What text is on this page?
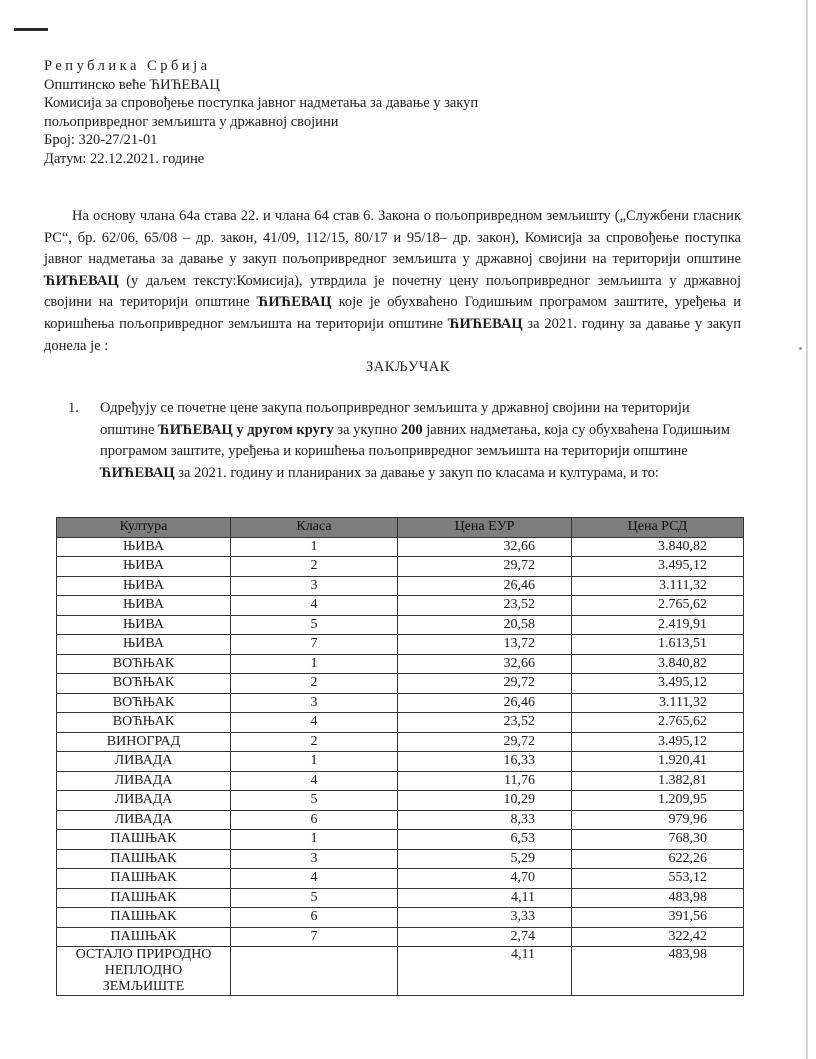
Република Србија
Општинско веће ЋИЋЕВАЦ
Комисија за спровођење поступка јавног надметања за давање у закуп
пољопривредног земљишта у државној својини
Број: 320-27/21-01
Датум: 22.12.2021. године
На основу члана 64а става 22. и члана 64 став 6. Закона о пољопривредном земљишту („Службени гласник РС“, бр. 62/06, 65/08 – др. закон, 41/09, 112/15, 80/17 и 95/18– др. закон), Комисија за спровођење поступка јавног надметања за давање у закуп пољопривредног земљишта у државној својини на територији општине ЋИЋЕВАЦ (у даљем тексту:Комисија), утврдила је почетну цену пољопривредног земљишта у државној својини на територији општине ЋИЋЕВАЦ које је обухваћено Годишњим програмом заштите, уређења и коришћења пољопривредног земљишта на територији општине ЋИЋЕВАЦ за 2021. годину за давање у закуп донела је :
ЗАКЉУЧАК
1. Одређују се почетне цене закупа пољопривредног земљишта у државној својини на територији општине ЋИЋЕВАЦ у другом кругу за укупно 200 јавних надметања, која су обухваћена Годишњим програмом заштите, уређења и коришћења пољопривредног земљишта на територији општине ЋИЋЕВАЦ за 2021. годину и планираних за давање у закуп по класама и културама, и то:
Култура	Класа	Цена ЕУР	Цена РСД
ЊИВА	1	32,66	3.840,82
ЊИВА	2	29,72	3.495,12
ЊИВА	3	26,46	3.111,32
ЊИВА	4	23,52	2.765,62
ЊИВА	5	20,58	2.419,91
ЊИВА	7	13,72	1.613,51
ВОЋЊАК	1	32,66	3.840,82
ВОЋЊАК	2	29,72	3.495,12
ВОЋЊАК	3	26,46	3.111,32
ВОЋЊАК	4	23,52	2.765,62
ВИНОГРАД	2	29,72	3.495,12
ЛИВАДА	1	16,33	1.920,41
ЛИВАДА	4	11,76	1.382,81
ЛИВАДА	5	10,29	1.209,95
ЛИВАДА	6	8,33	979,96
ПАШЊАК	1	6,53	768,30
ПАШЊАК	3	5,29	622,26
ПАШЊАК	4	4,70	553,12
ПАШЊАК	5	4,11	483,98
ПАШЊАК	6	3,33	391,56
ПАШЊАК	7	2,74	322,42
ОСТАЛО ПРИРОДНО
НЕПЛОДНО
ЗЕМЉИШТЕ		4,11	483,98
